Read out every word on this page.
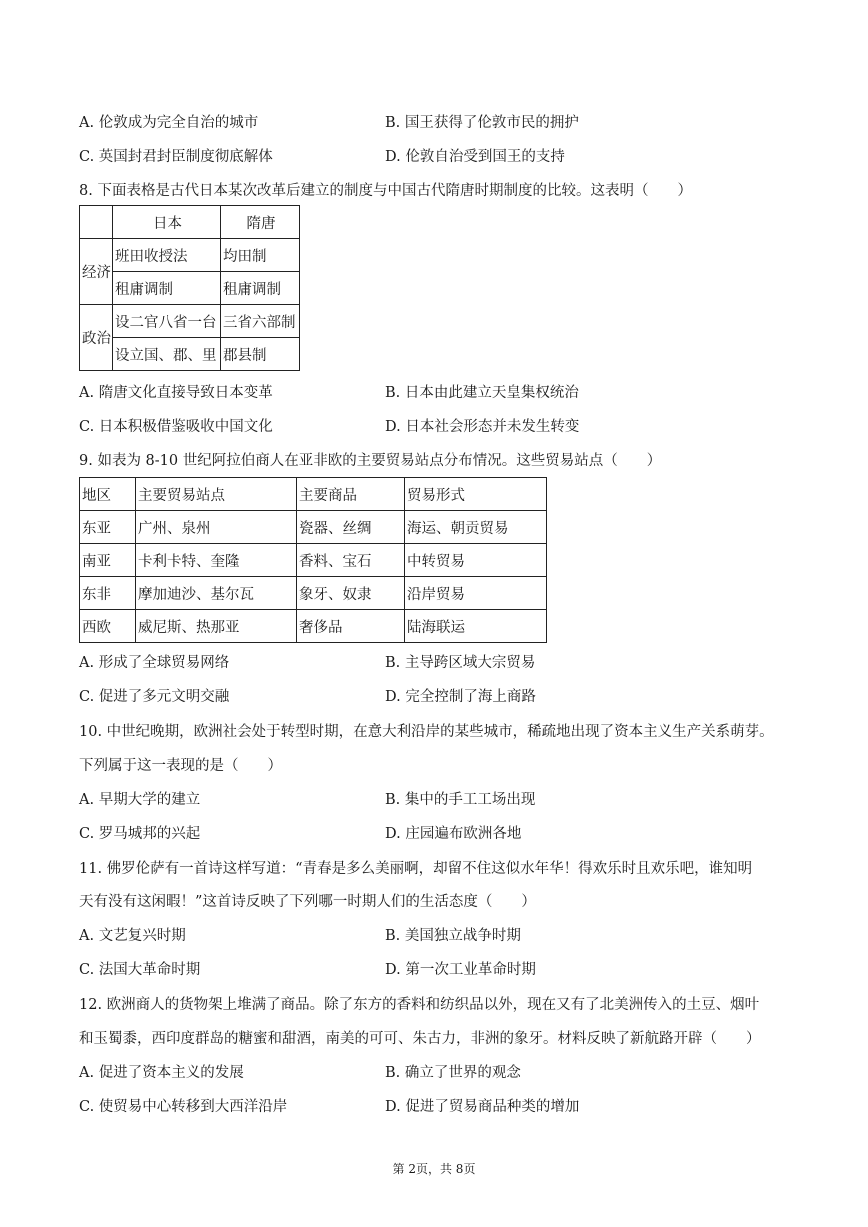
A. 伦敦成为完全自治的城市	B. 国王获得了伦敦市民的拥护
C. 英国封君封臣制度彻底解体	D. 伦敦自治受到国王的支持
8. 下面表格是古代日本某次改革后建立的制度与中国古代隋唐时期制度的比较。这表明（　　）
	日本	隋唐
经济	班田收授法	均田制
	租庸调制	租庸调制
政治	设二官八省一台	三省六部制
	设立国、郡、里	郡县制
A. 隋唐文化直接导致日本变革	B. 日本由此建立天皇集权统治
C. 日本积极借鉴吸收中国文化	D. 日本社会形态并未发生转变
9. 如表为 8-10 世纪阿拉伯商人在亚非欧的主要贸易站点分布情况。这些贸易站点（　　）
地区	主要贸易站点	主要商品	贸易形式
东亚	广州、泉州	瓷器、丝绸	海运、朝贡贸易
南亚	卡利卡特、奎隆	香料、宝石	中转贸易
东非	摩加迪沙、基尔瓦	象牙、奴隶	沿岸贸易
西欧	威尼斯、热那亚	奢侈品	陆海联运
A. 形成了全球贸易网络	B. 主导跨区域大宗贸易
C. 促进了多元文明交融	D. 完全控制了海上商路
10. 中世纪晚期，欧洲社会处于转型时期，在意大利沿岸的某些城市，稀疏地出现了资本主义生产关系萌芽。
下列属于这一表现的是（　　）
A. 早期大学的建立	B. 集中的手工工场出现
C. 罗马城邦的兴起	D. 庄园遍布欧洲各地
11. 佛罗伦萨有一首诗这样写道：“青春是多么美丽啊，却留不住这似水年华！得欢乐时且欢乐吧，谁知明
天有没有这闲暇！”这首诗反映了下列哪一时期人们的生活态度（　　）
A. 文艺复兴时期	B. 美国独立战争时期
C. 法国大革命时期	D. 第一次工业革命时期
12. 欧洲商人的货物架上堆满了商品。除了东方的香料和纺织品以外，现在又有了北美洲传入的土豆、烟叶
和玉蜀黍，西印度群岛的糖蜜和甜酒，南美的可可、朱古力，非洲的象牙。材料反映了新航路开辟（　　）
A. 促进了资本主义的发展	B. 确立了世界的观念
C. 使贸易中心转移到大西洋沿岸	D. 促进了贸易商品种类的增加
第 2页，共 8页
